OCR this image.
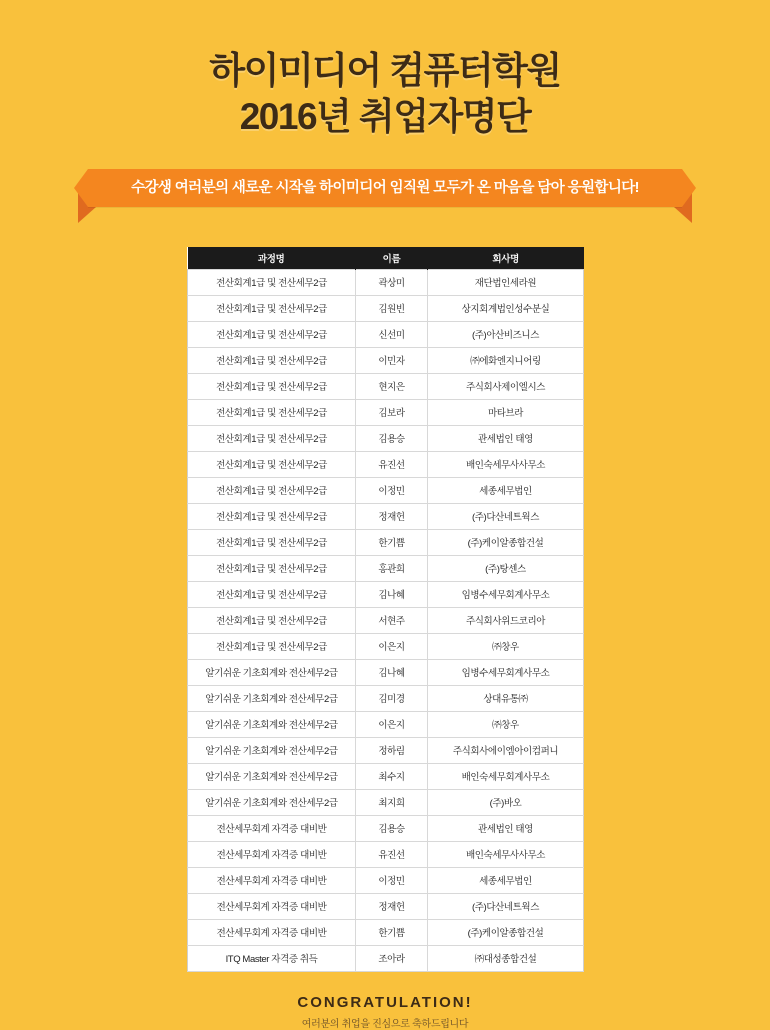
하이미디어 컴퓨터학원
2016년 취업자명단
수강생 여러분의 새로운 시작을 하이미디어 임직원 모두가 온 마음을 담아 응원합니다!
과정명	이름	회사명
전산회계1급 및 전산세무2급	곽상미	재단법인세라원
전산회계1급 및 전산세무2급	김원빈	상지회계법인성수분실
전산회계1급 및 전산세무2급	신선미	(주)아산비즈니스
전산회계1급 및 전산세무2급	이민자	㈜에화엔지니어링
전산회계1급 및 전산세무2급	현지은	주식회사제이엘시스
전산회계1급 및 전산세무2급	김보라	마타브라
전산회계1급 및 전산세무2급	김용승	관세법인 태영
전산회계1급 및 전산세무2급	유진선	배인숙세무사사무소
전산회계1급 및 전산세무2급	이정민	세종세무법인
전산회계1급 및 전산세무2급	정재헌	(주)다산네트웍스
전산회계1급 및 전산세무2급	한기쁨	(주)케이알종합건설
전산회계1급 및 전산세무2급	홍관희	(주)탕센스
전산회계1급 및 전산세무2급	김나혜	임병수세무회계사무소
전산회계1급 및 전산세무2급	서현주	주식회사위드코리아
전산회계1급 및 전산세무2급	이은지	㈜창우
알기쉬운 기초회계와 전산세무2급	김나혜	임병수세무회계사무소
알기쉬운 기초회계와 전산세무2급	김미경	상대유통㈜
알기쉬운 기초회계와 전산세무2급	이은지	㈜창우
알기쉬운 기초회계와 전산세무2급	정하림	주식회사에이엠아이컴퍼니
알기쉬운 기초회계와 전산세무2급	최수지	배인숙세무회계사무소
알기쉬운 기초회계와 전산세무2급	최지희	(주)바오
전산세무회계 자격증 대비반	김용승	관세법인 태영
전산세무회계 자격증 대비반	유진선	배인숙세무사사무소
전산세무회계 자격증 대비반	이정민	세종세무법인
전산세무회계 자격증 대비반	정재헌	(주)다산네트웍스
전산세무회계 자격증 대비반	한기쁨	(주)케이알종합건설
ITQ Master 자격증 취득	조아라	㈜대성종합건설
CONGRATULATION!
여러분의 취업을 진심으로 축하드립니다
